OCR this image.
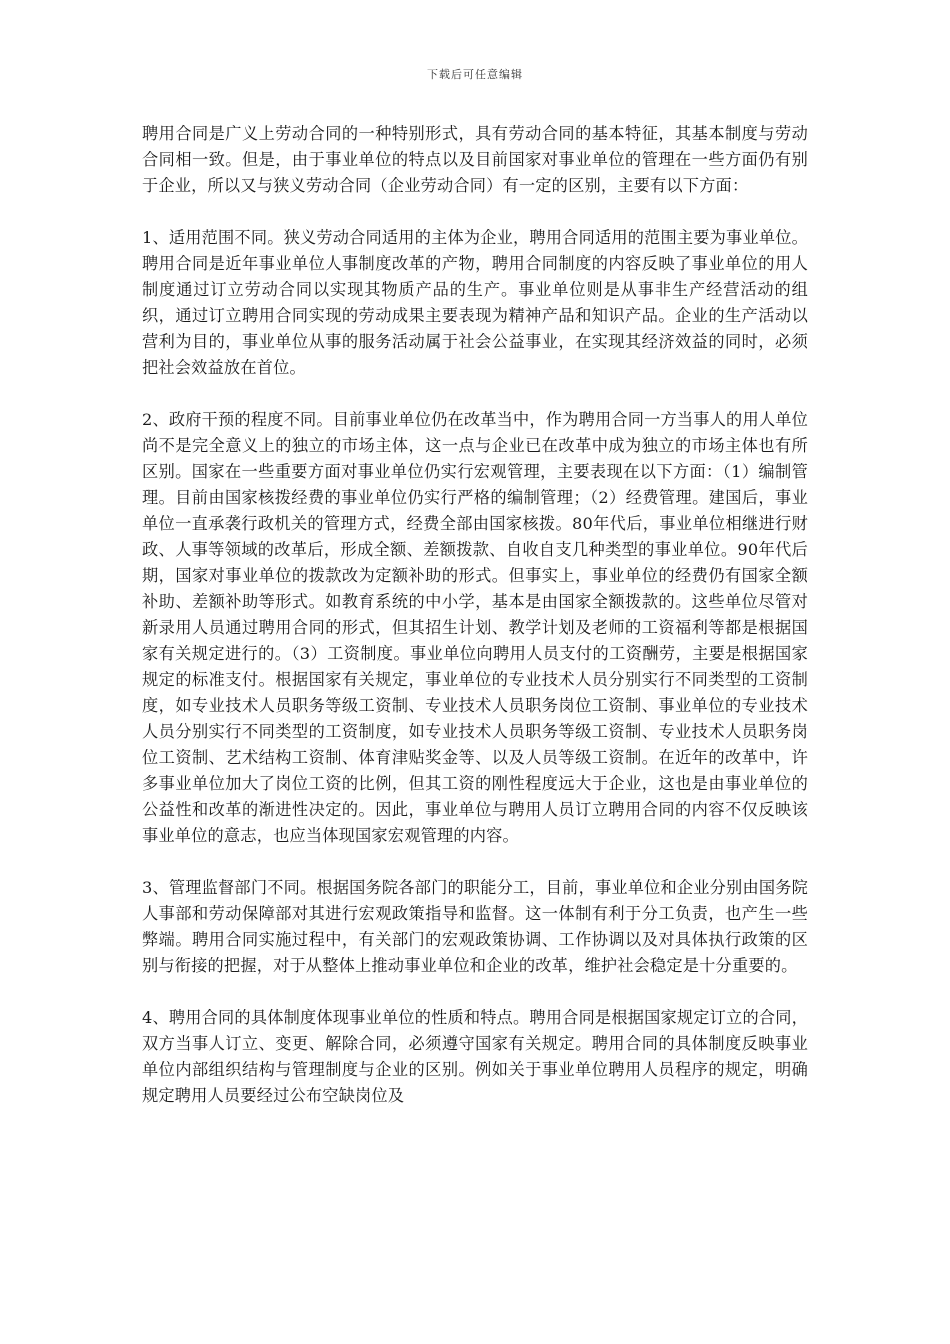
下载后可任意编辑

聘用合同是广义上劳动合同的一种特别形式，具有劳动合同的基本特征，其基本制度与劳动合同相一致。但是，由于事业单位的特点以及目前国家对事业单位的管理在一些方面仍有别于企业，所以又与狭义劳动合同（企业劳动合同）有一定的区别，主要有以下方面：

1、适用范围不同。狭义劳动合同适用的主体为企业，聘用合同适用的范围主要为事业单位。聘用合同是近年事业单位人事制度改革的产物，聘用合同制度的内容反映了事业单位的用人制度通过订立劳动合同以实现其物质产品的生产。事业单位则是从事非生产经营活动的组织，通过订立聘用合同实现的劳动成果主要表现为精神产品和知识产品。企业的生产活动以营利为目的，事业单位从事的服务活动属于社会公益事业，在实现其经济效益的同时，必须把社会效益放在首位。

2、政府干预的程度不同。目前事业单位仍在改革当中，作为聘用合同一方当事人的用人单位尚不是完全意义上的独立的市场主体，这一点与企业已在改革中成为独立的市场主体也有所区别。国家在一些重要方面对事业单位仍实行宏观管理，主要表现在以下方面：（1）编制管理。目前由国家核拨经费的事业单位仍实行严格的编制管理；（2）经费管理。建国后，事业单位一直承袭行政机关的管理方式，经费全部由国家核拨。80年代后，事业单位相继进行财政、人事等领域的改革后，形成全额、差额拨款、自收自支几种类型的事业单位。90年代后期，国家对事业单位的拨款改为定额补助的形式。但事实上，事业单位的经费仍有国家全额补助、差额补助等形式。如教育系统的中小学，基本是由国家全额拨款的。这些单位尽管对新录用人员通过聘用合同的形式，但其招生计划、教学计划及老师的工资福利等都是根据国家有关规定进行的。（3）工资制度。事业单位向聘用人员支付的工资酬劳，主要是根据国家规定的标准支付。根据国家有关规定，事业单位的专业技术人员分别实行不同类型的工资制度，如专业技术人员职务等级工资制、专业技术人员职务岗位工资制、事业单位的专业技术人员分别实行不同类型的工资制度，如专业技术人员职务等级工资制、专业技术人员职务岗位工资制、艺术结构工资制、体育津贴奖金等、以及人员等级工资制。在近年的改革中，许多事业单位加大了岗位工资的比例，但其工资的刚性程度远大于企业，这也是由事业单位的公益性和改革的渐进性决定的。因此，事业单位与聘用人员订立聘用合同的内容不仅反映该事业单位的意志，也应当体现国家宏观管理的内容。

3、管理监督部门不同。根据国务院各部门的职能分工，目前，事业单位和企业分别由国务院人事部和劳动保障部对其进行宏观政策指导和监督。这一体制有利于分工负责，也产生一些弊端。聘用合同实施过程中，有关部门的宏观政策协调、工作协调以及对具体执行政策的区别与衔接的把握，对于从整体上推动事业单位和企业的改革，维护社会稳定是十分重要的。

4、聘用合同的具体制度体现事业单位的性质和特点。聘用合同是根据国家规定订立的合同，双方当事人订立、变更、解除合同，必须遵守国家有关规定。聘用合同的具体制度反映事业单位内部组织结构与管理制度与企业的区别。例如关于事业单位聘用人员程序的规定，明确规定聘用人员要经过公布空缺岗位及
